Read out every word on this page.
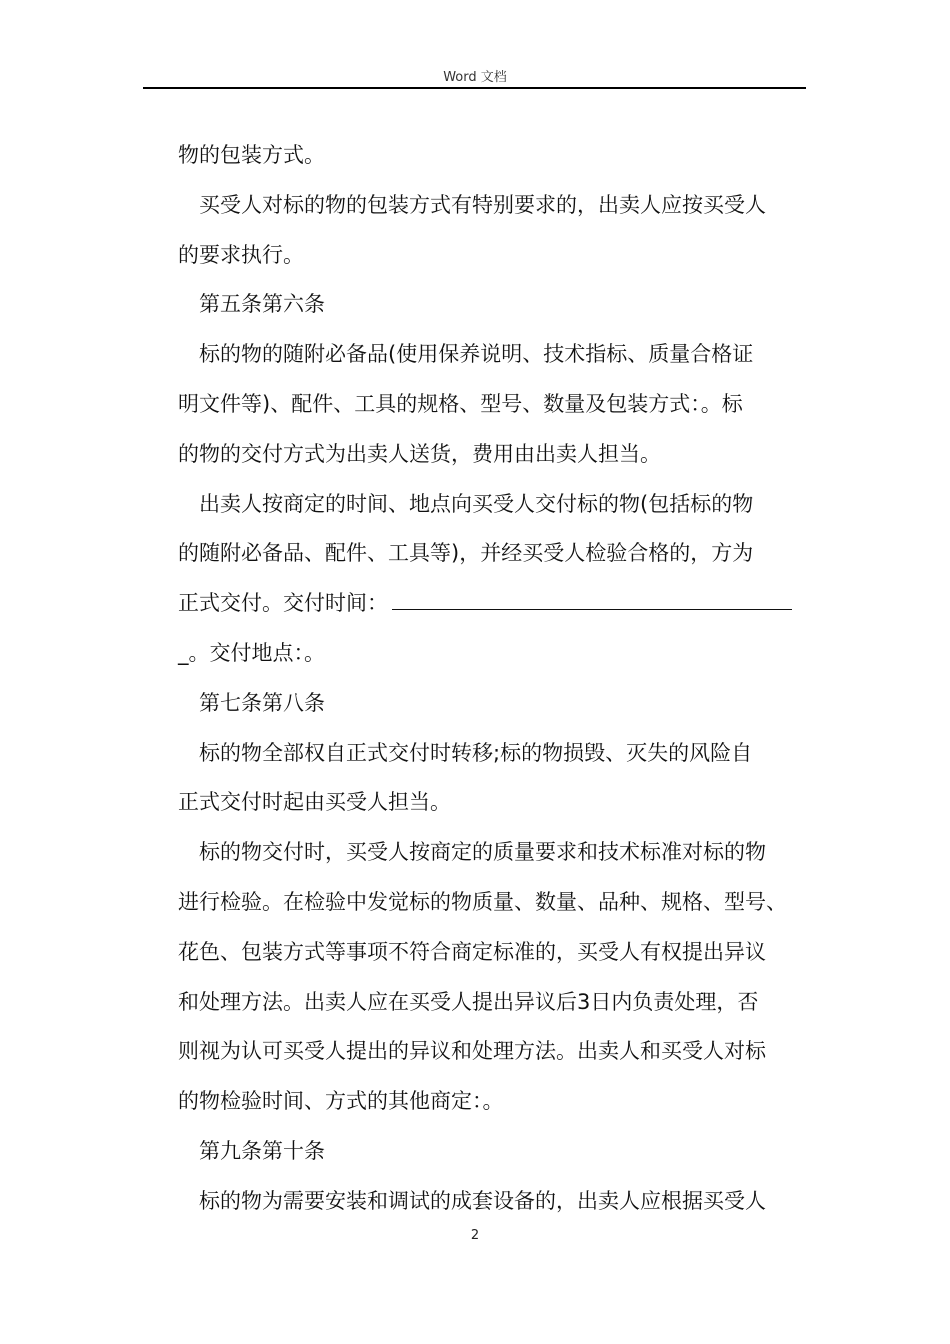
Word 文档
物的包装方式。
买受人对标的物的包装方式有特别要求的，出卖人应按买受人
的要求执行。
第五条第六条
标的物的随附必备品(使用保养说明、技术指标、质量合格证
明文件等)、配件、工具的规格、型号、数量及包装方式：。标
的物的交付方式为出卖人送货，费用由出卖人担当。
出卖人按商定的时间、地点向买受人交付标的物(包括标的物
的随附必备品、配件、工具等)，并经买受人检验合格的，方为
正式交付。交付时间：
_。交付地点：。
第七条第八条
标的物全部权自正式交付时转移;标的物损毁、灭失的风险自
正式交付时起由买受人担当。
标的物交付时，买受人按商定的质量要求和技术标准对标的物
进行检验。在检验中发觉标的物质量、数量、品种、规格、型号、
花色、包装方式等事项不符合商定标准的，买受人有权提出异议
和处理方法。出卖人应在买受人提出异议后3日内负责处理，否
则视为认可买受人提出的异议和处理方法。出卖人和买受人对标
的物检验时间、方式的其他商定：。
第九条第十条
标的物为需要安装和调试的成套设备的，出卖人应根据买受人
2
